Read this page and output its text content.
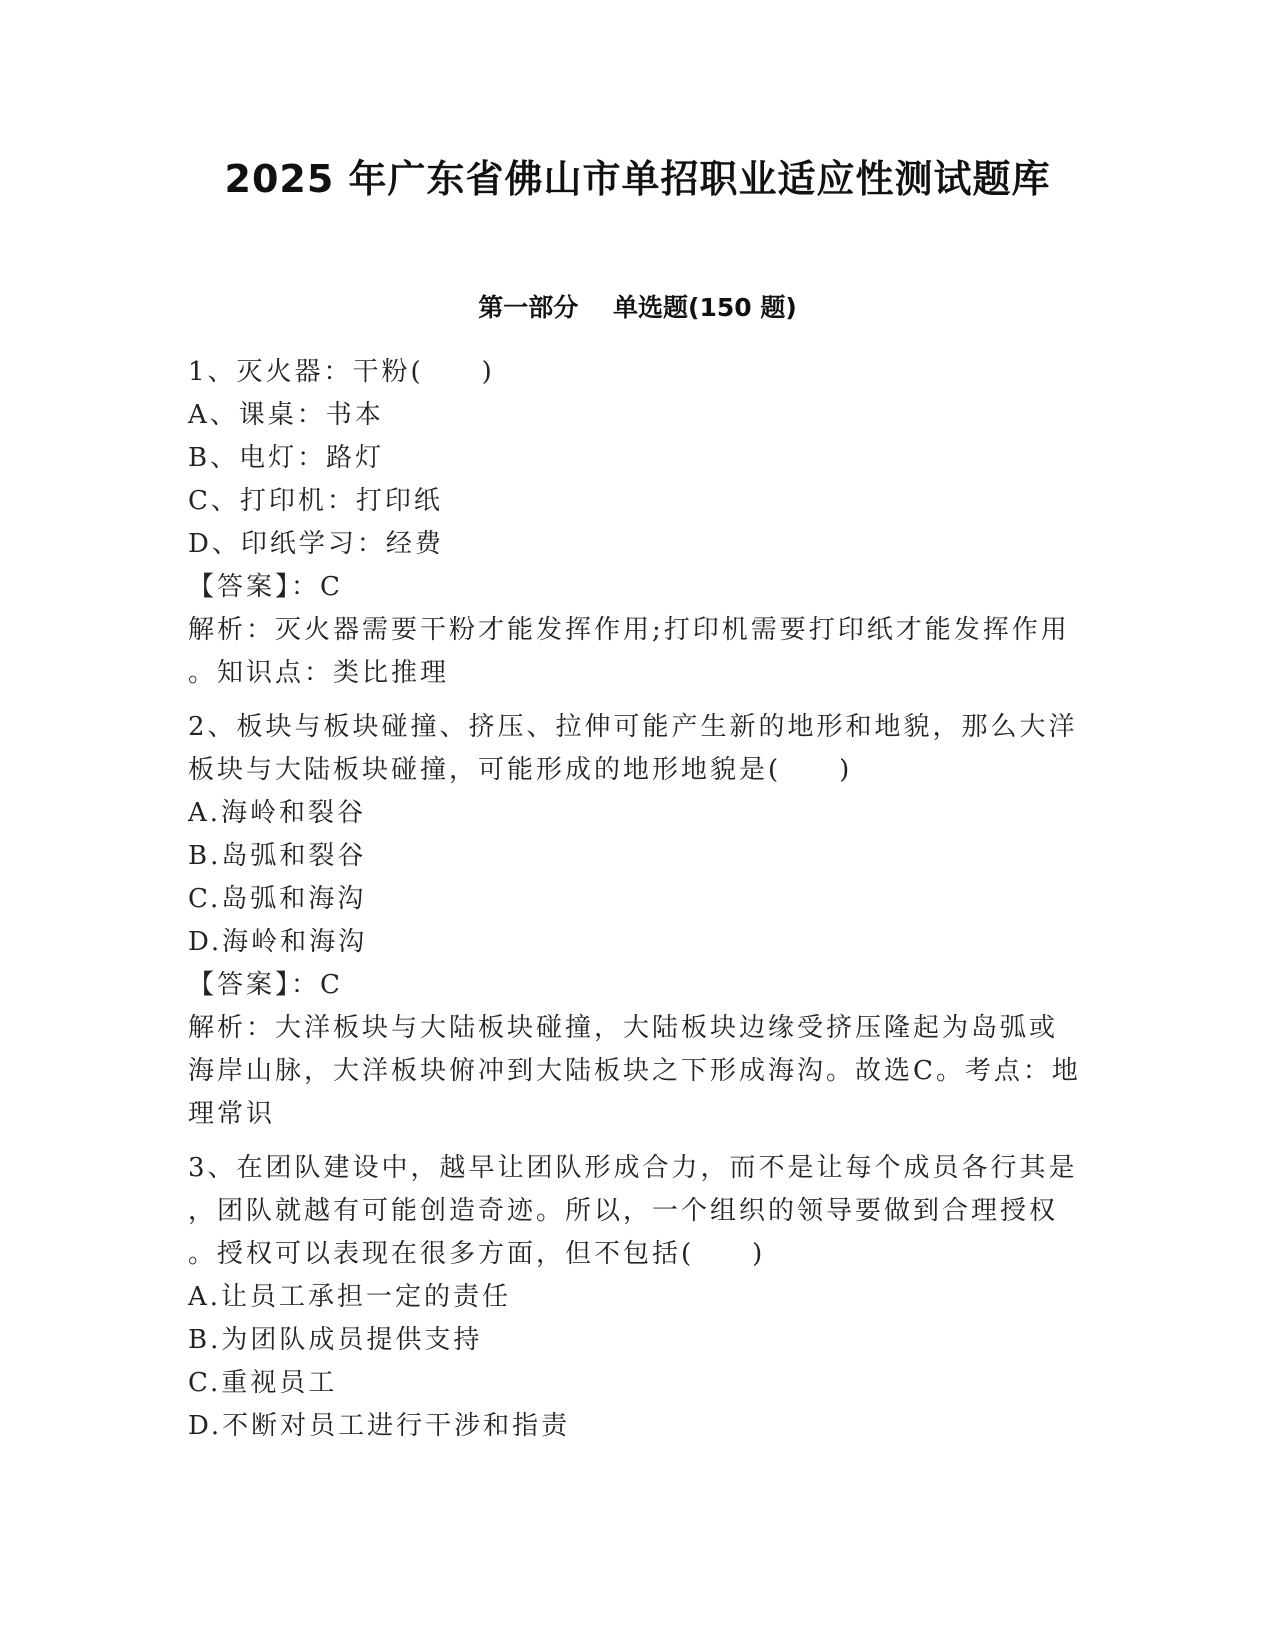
2025 年广东省佛山市单招职业适应性测试题库
第一部分    单选题(150 题)
1、灭火器：干粉(　　)
A、课桌：书本
B、电灯：路灯
C、打印机：打印纸
D、印纸学习：经费
【答案】：C
解析：灭火器需要干粉才能发挥作用;打印机需要打印纸才能发挥作用
。知识点：类比推理
2、板块与板块碰撞、挤压、拉伸可能产生新的地形和地貌，那么大洋
板块与大陆板块碰撞，可能形成的地形地貌是(　　)
A.海岭和裂谷
B.岛弧和裂谷
C.岛弧和海沟
D.海岭和海沟
【答案】：C
解析：大洋板块与大陆板块碰撞，大陆板块边缘受挤压隆起为岛弧或
海岸山脉，大洋板块俯冲到大陆板块之下形成海沟。故选C。考点：地
理常识
3、在团队建设中，越早让团队形成合力，而不是让每个成员各行其是
，团队就越有可能创造奇迹。所以，一个组织的领导要做到合理授权
。授权可以表现在很多方面，但不包括(　　)
A.让员工承担一定的责任
B.为团队成员提供支持
C.重视员工
D.不断对员工进行干涉和指责
